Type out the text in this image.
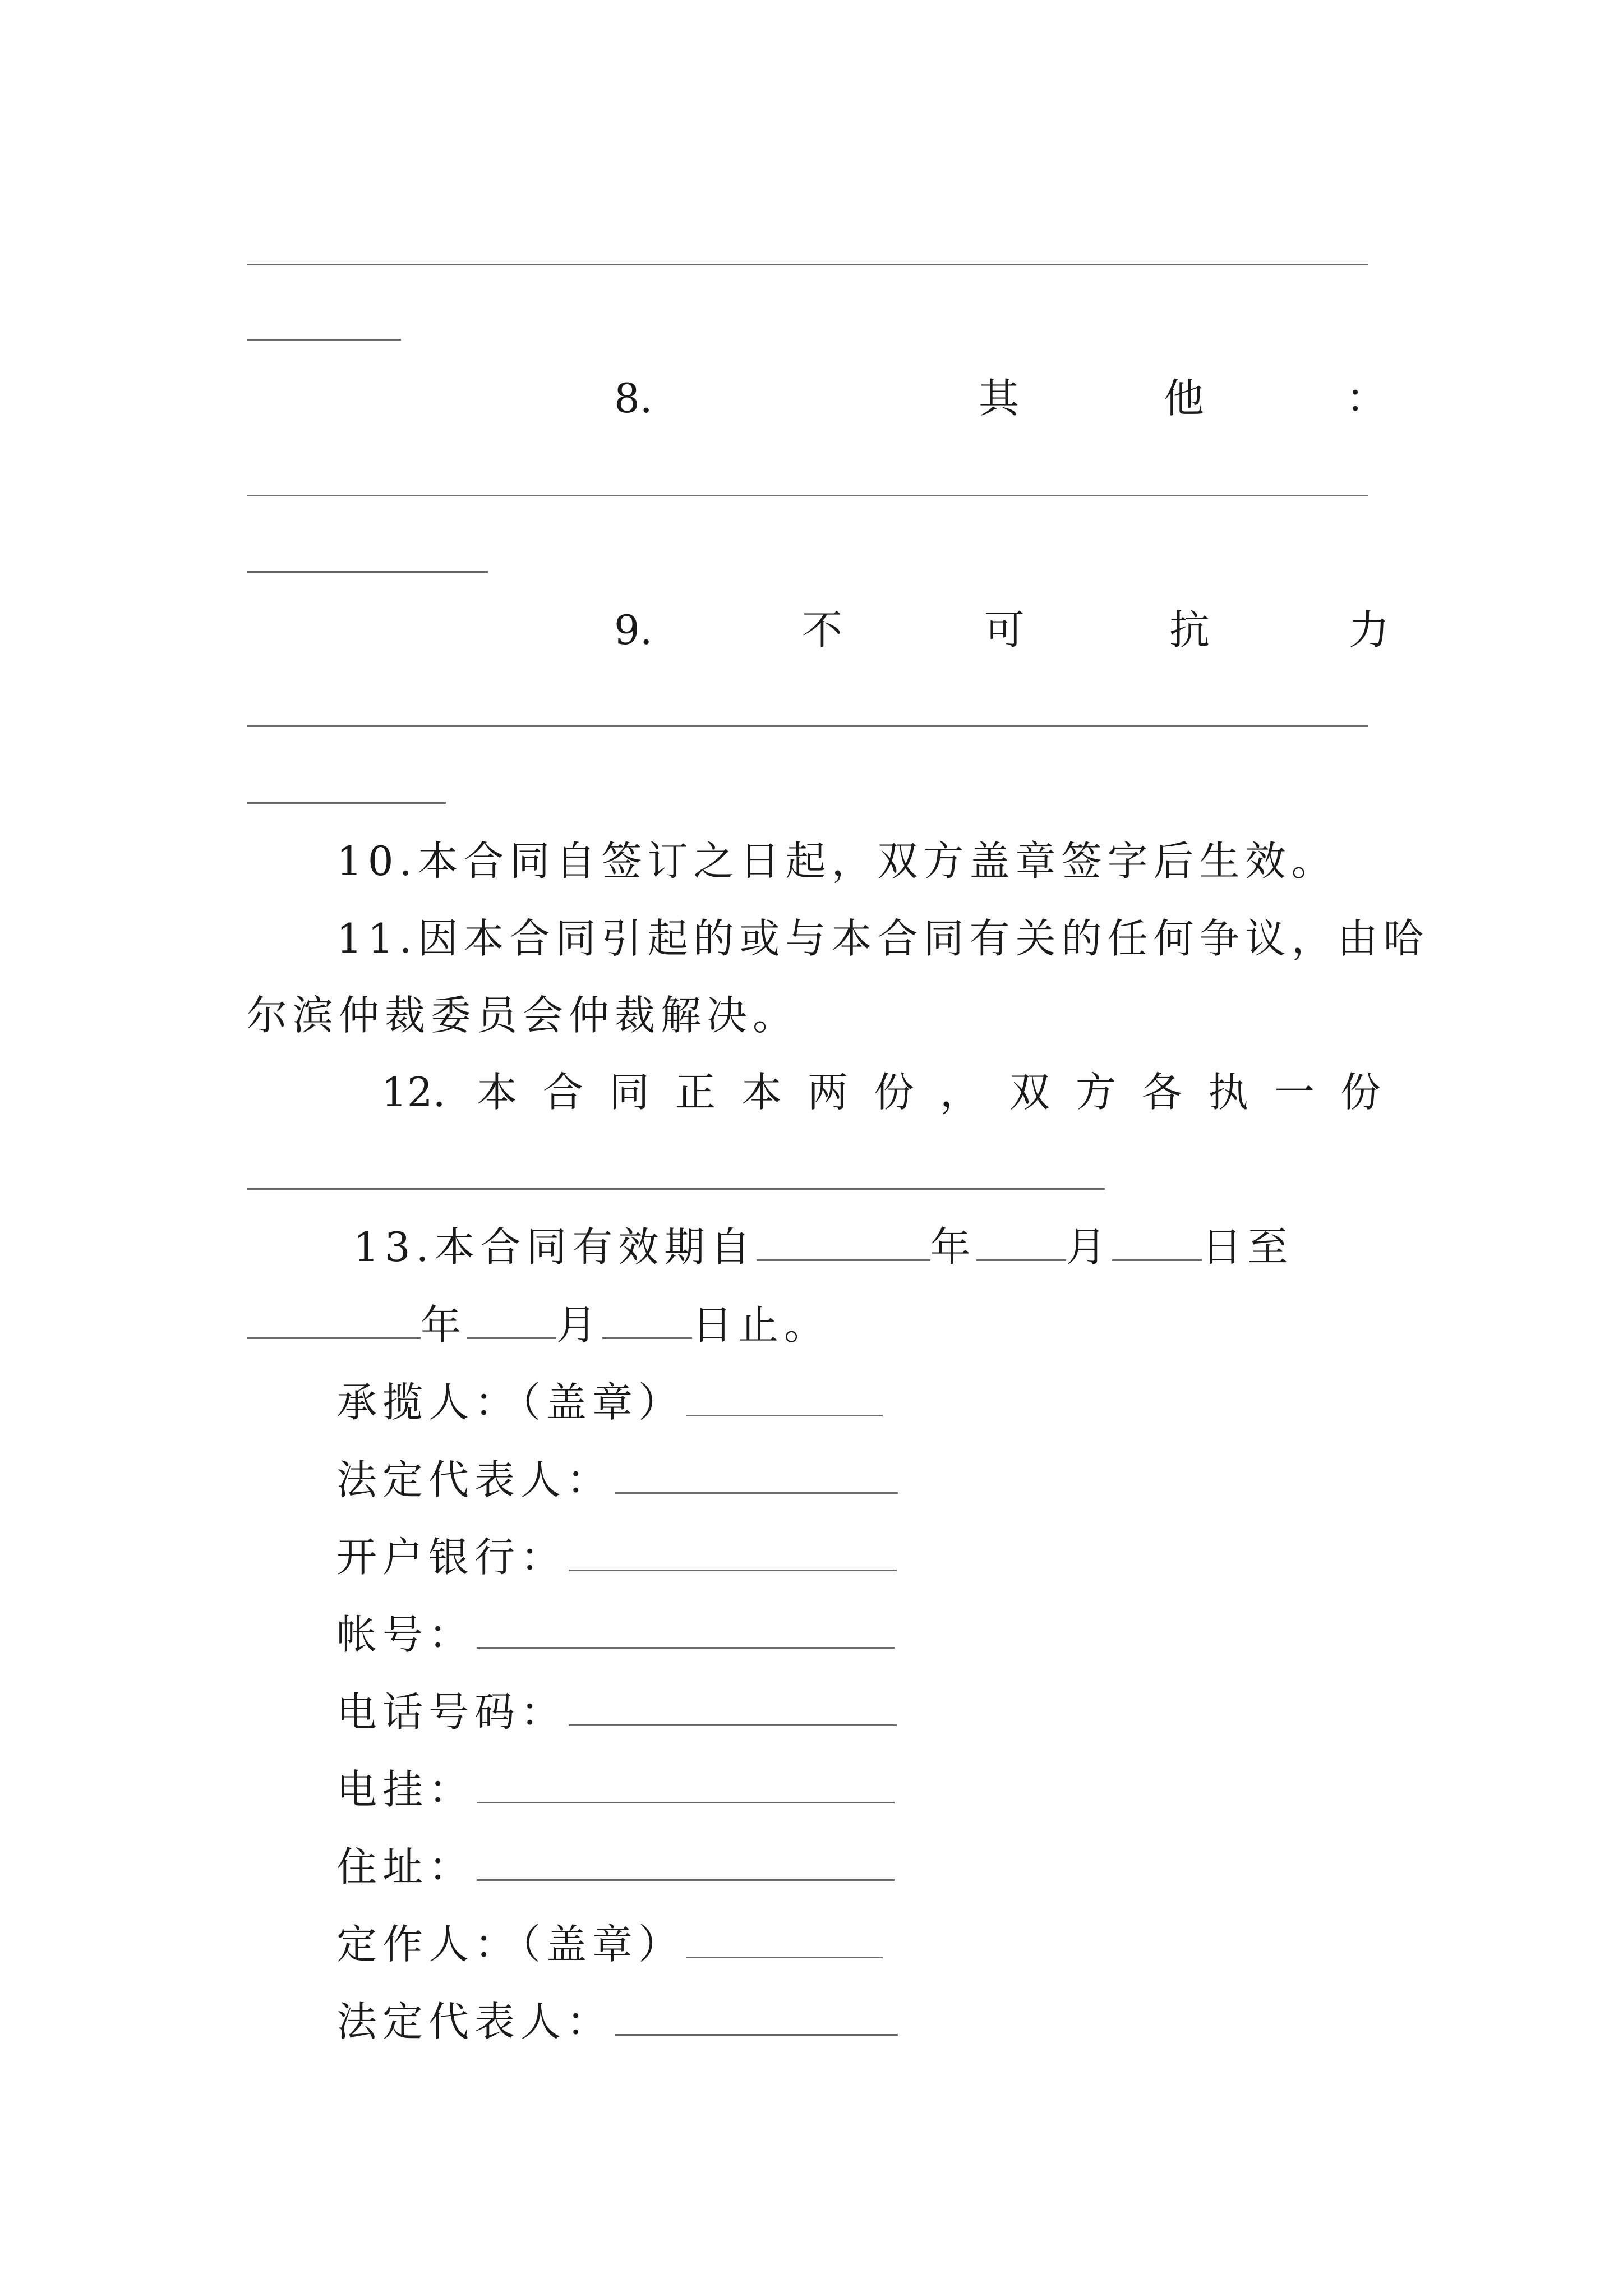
8.	其	他	：
9.	不	可	抗	力
10.本合同自签订之日起，双方盖章签字后生效。
11.因本合同引起的或与本合同有关的任何争议，由哈
尔滨仲裁委员会仲裁解决。
12. 本 合 同 正 本 两 份 ， 双 方 各 执 一 份
13.本合同有效期自	年 月 日至
年 月 日止。
承揽人：（盖章）
法定代表人：
开户银行：
帐号：
电话号码：
电挂：
住址：
定作人：（盖章）
法定代表人：
